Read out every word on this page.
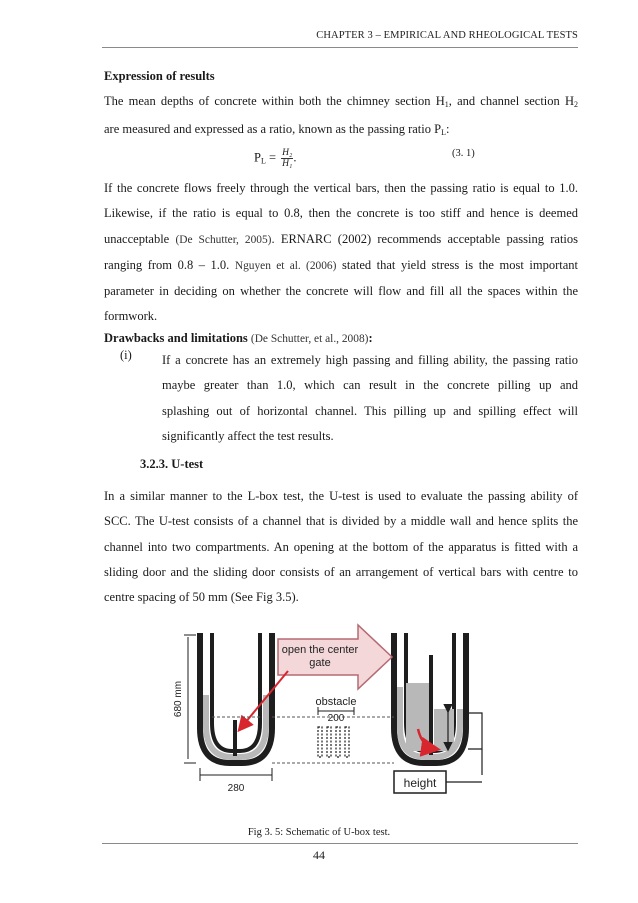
CHAPTER 3 – EMPIRICAL AND RHEOLOGICAL TESTS
Expression of results
The mean depths of concrete within both the chimney section $H_1$, and channel section $H_2$
are measured and expressed as a ratio, known as the passing ratio $P_L$:
$P_L = \frac{\text{H₂}}{\text{H₁}}$ .	(3. 1)
If the concrete flows freely through the vertical bars, then the passing ratio is equal to 1.0.
Likewise, if the ratio is equal to 0.8, then the concrete is too stiff and hence is deemed
unacceptable (De Schutter, 2005). ERNARC (2002) recommends acceptable passing ratios
ranging from 0.8 – 1.0. Nguyen et al. (2006) stated that yield stress is the most important
parameter in deciding on whether the concrete will flow and fill all the spaces within the
formwork.
Drawbacks and limitations (De Schutter, et al., 2008):
(i) If a concrete has an extremely high passing and filling ability, the passing ratio
maybe greater than 1.0, which can result in the concrete pilling up and
splashing out of horizontal channel. This pilling up and spilling effect will
significantly affect the test results.
3.2.3. U-test
In a similar manner to the L-box test, the U-test is used to evaluate the passing ability of
SCC. The U-test consists of a channel that is divided by a middle wall and hence splits the
channel into two compartments. An opening at the bottom of the apparatus is fitted with a
sliding door and the sliding door consists of an arrangement of vertical bars with centre to
centre spacing of 50 mm (See Fig 3.5).
open the center
gate
obstacle
200
680 mm
280	height
Fig 3. 5: Schematic of U-box test.
44
